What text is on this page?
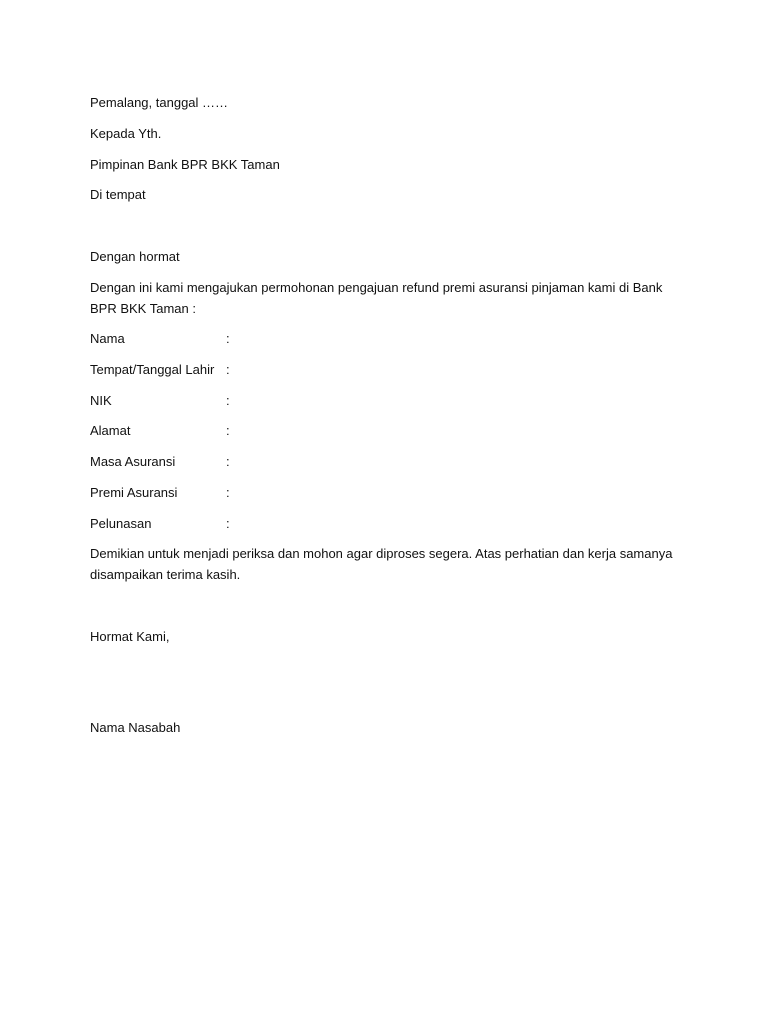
Pemalang, tanggal ……
Kepada Yth.
Pimpinan Bank BPR BKK Taman
Di tempat
Dengan hormat
Dengan ini kami mengajukan permohonan pengajuan refund premi asuransi pinjaman kami di Bank BPR BKK Taman :
Nama	:
Tempat/Tanggal Lahir :
NIK	:
Alamat	:
Masa Asuransi	:
Premi Asuransi	:
Pelunasan	:
Demikian untuk menjadi periksa dan mohon agar diproses segera. Atas perhatian dan kerja samanya disampaikan terima kasih.
Hormat Kami,
Nama Nasabah
